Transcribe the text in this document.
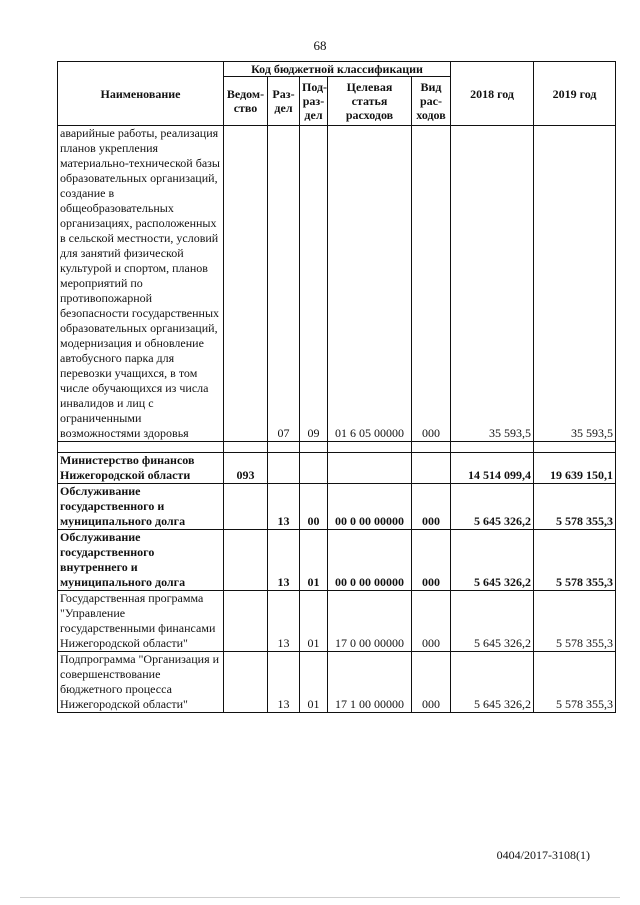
68
Наименование	Код бюджетной классификации					2018 год	2019 год
	Ведом-ство	Раз-дел	Под-раз-дел	Целевая статья расходов	Вид рас-ходов		
аварийные работы, реализация планов укрепления материально-технической базы образовательных организаций, создание в общеобразовательных организациях, расположенных в сельской местности, условий для занятий физической культурой и спортом, планов мероприятий по противопожарной безопасности государственных образовательных организаций, модернизация и обновление автобусного парка для перевозки учащихся, в том числе обучающихся из числа инвалидов и лиц с ограниченными возможностями здоровья		07	09	01 6 05 00000	000	35 593,5	35 593,5

Министерство финансов Нижегородской области	093					14 514 099,4	19 639 150,1
Обслуживание государственного и муниципального долга		13	00	00 0 00 00000	000	5 645 326,2	5 578 355,3
Обслуживание государственного внутреннего и муниципального долга		13	01	00 0 00 00000	000	5 645 326,2	5 578 355,3
Государственная программа "Управление государственными финансами Нижегородской области"		13	01	17 0 00 00000	000	5 645 326,2	5 578 355,3
Подпрограмма "Организация и совершенствование бюджетного процесса Нижегородской области"		13	01	17 1 00 00000	000	5 645 326,2	5 578 355,3
0404/2017-3108(1)
